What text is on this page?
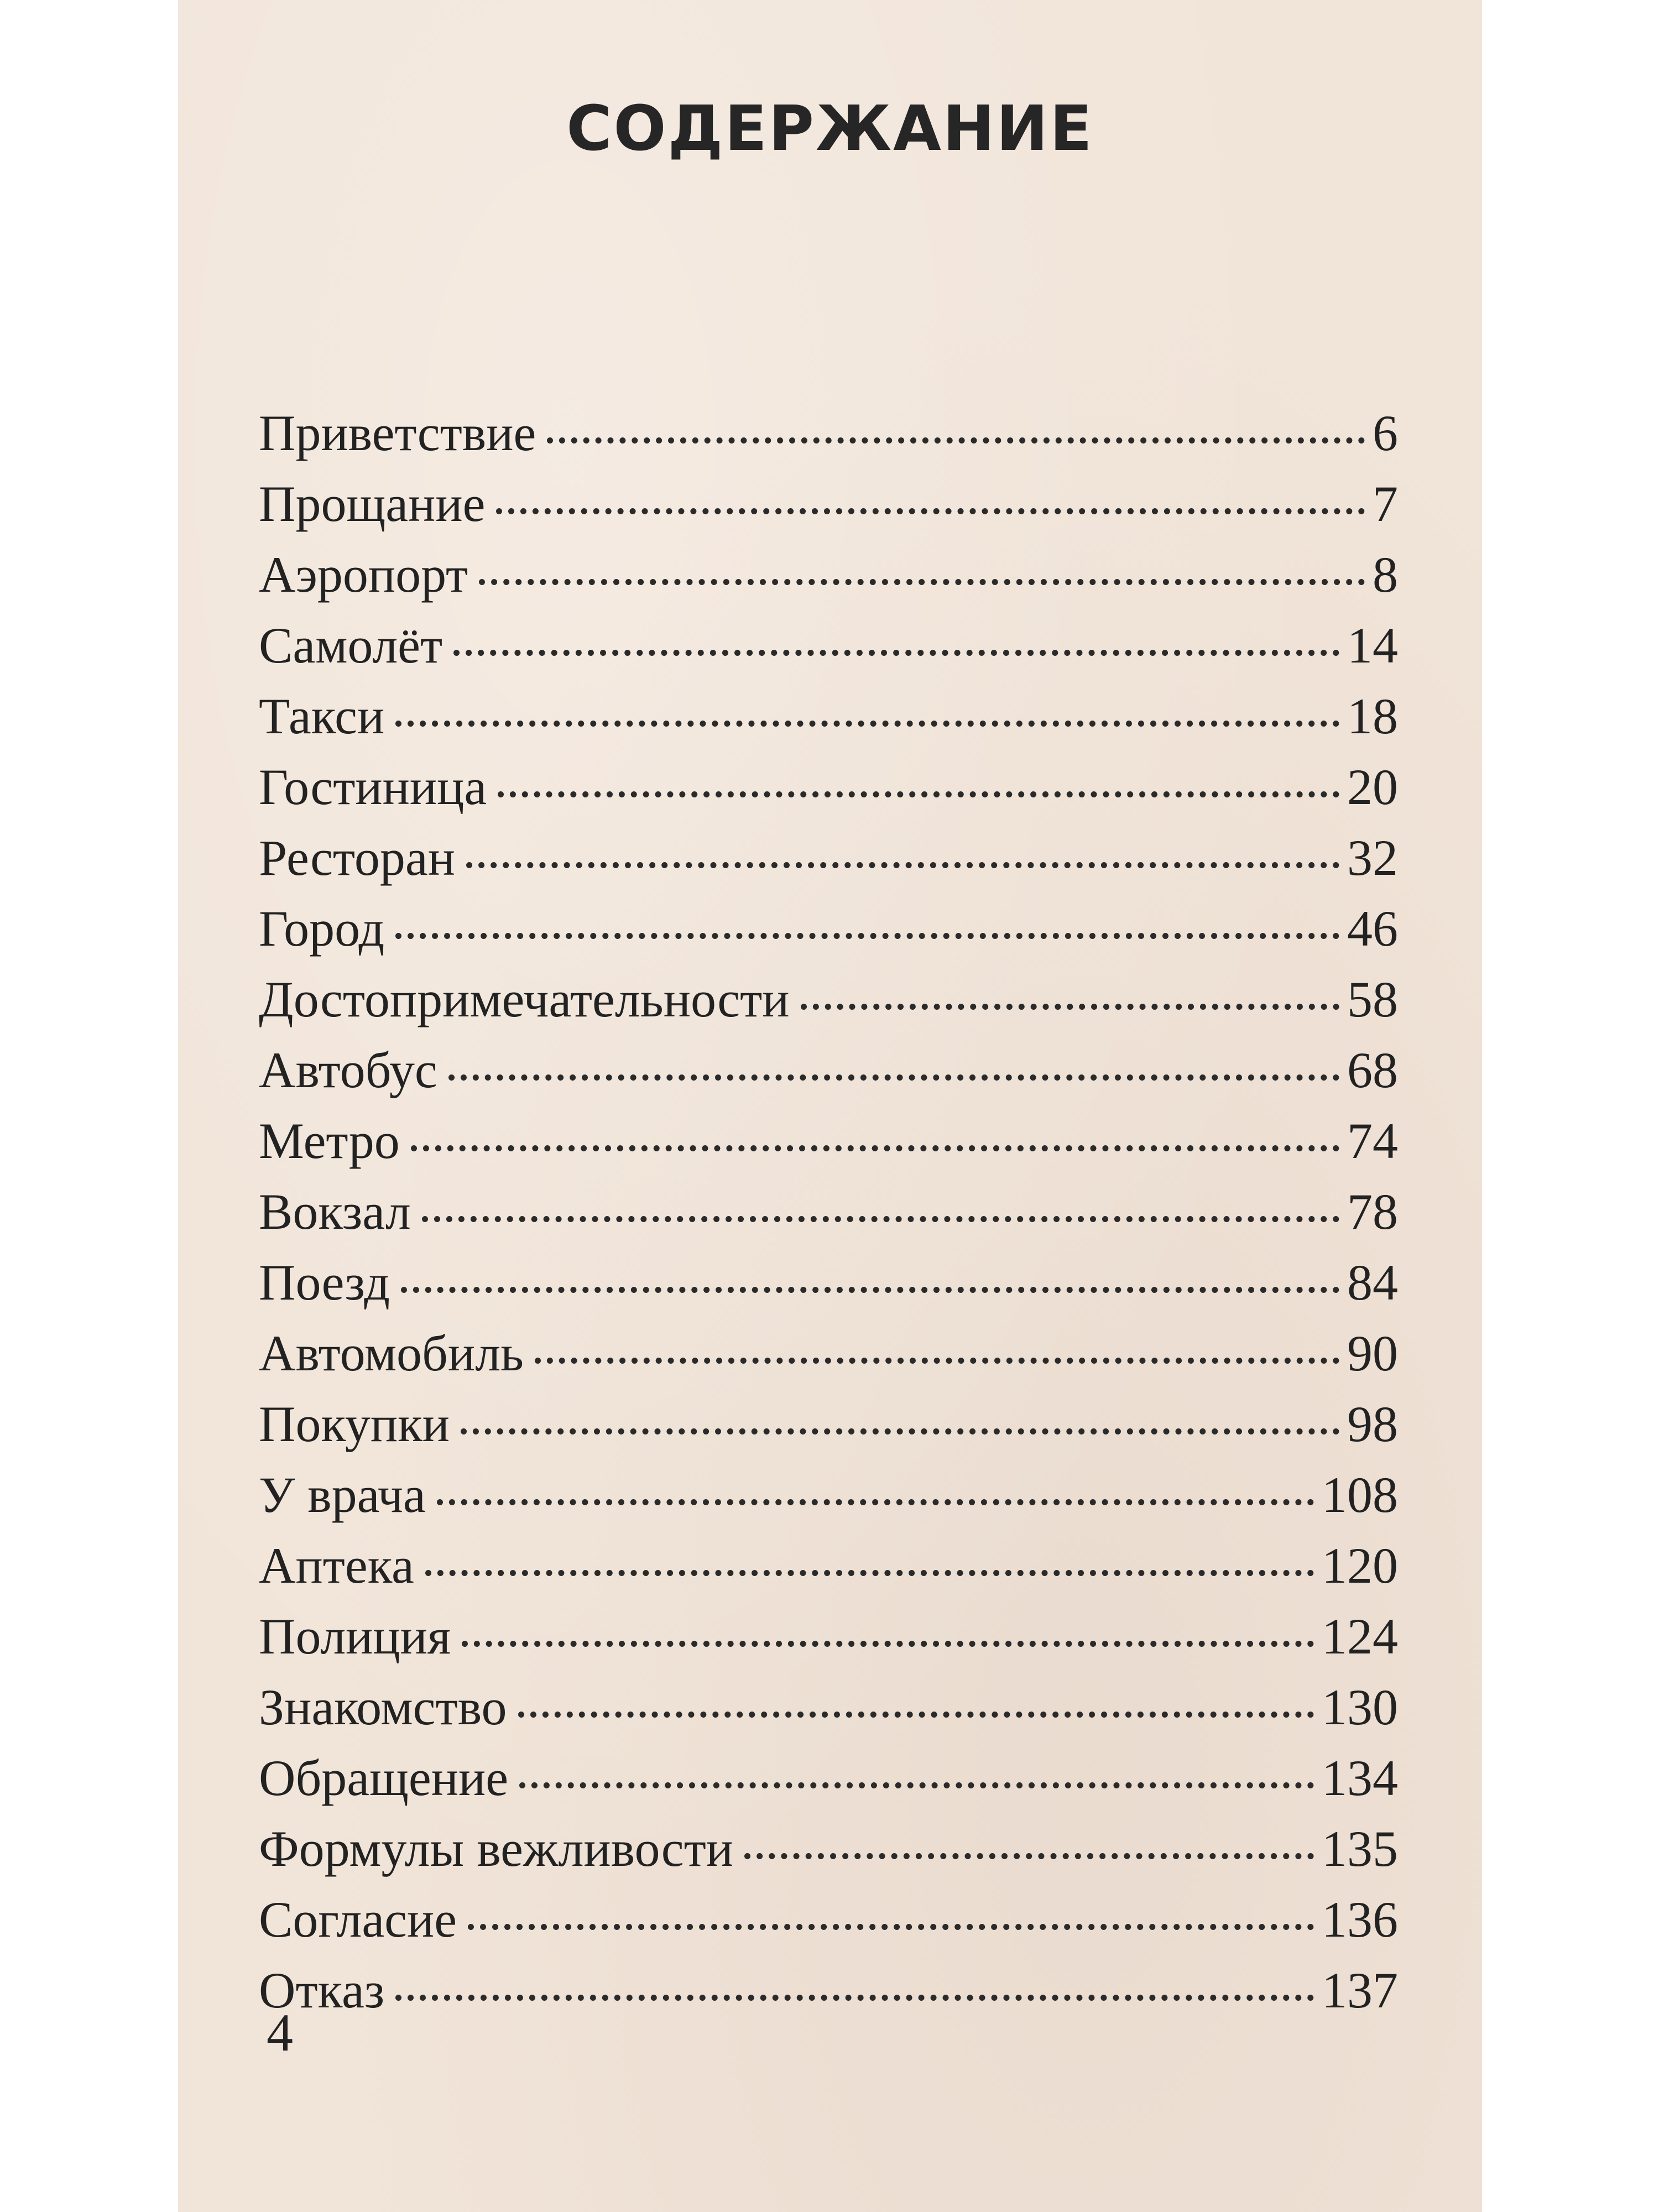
СОДЕРЖАНИЕ
Приветствие	6
Прощание	7
Аэропорт	8
Самолёт	14
Такси	18
Гостиница	20
Ресторан	32
Город	46
Достопримечательности	58
Автобус	68
Метро	74
Вокзал	78
Поезд	84
Автомобиль	90
Покупки	98
У врача	108
Аптека	120
Полиция	124
Знакомство	130
Обращение	134
Формулы вежливости	135
Согласие	136
Отказ	137
4
